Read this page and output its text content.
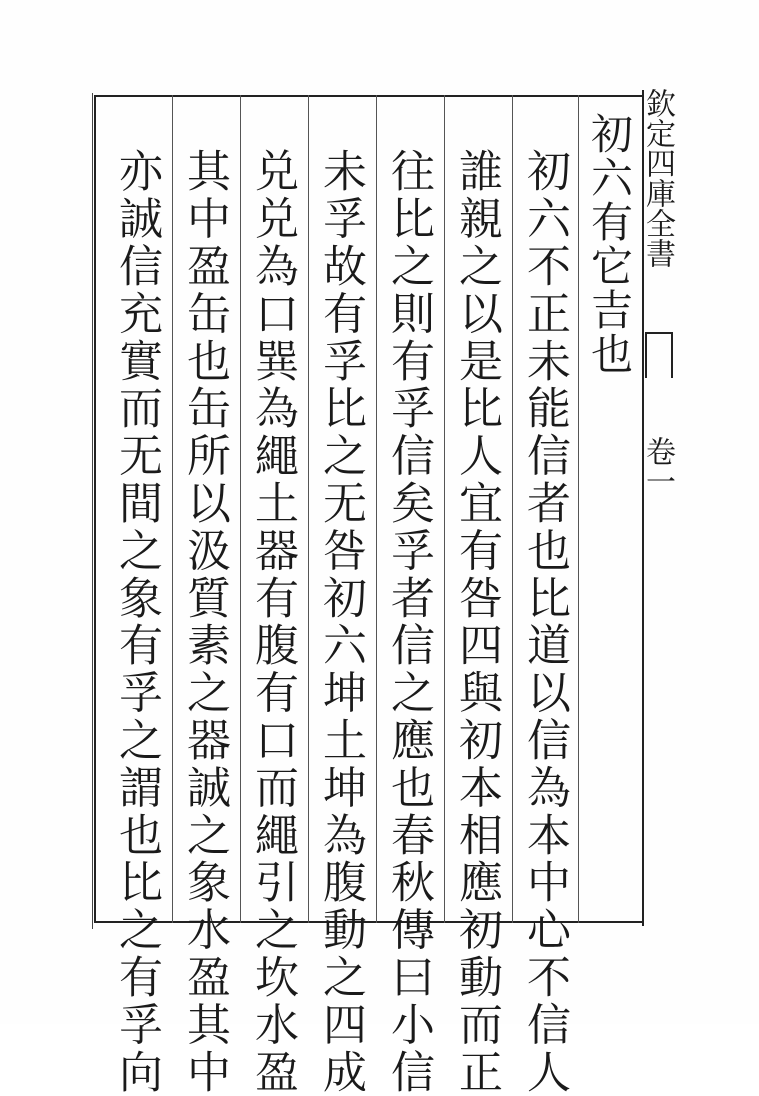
欽定四庫全書
卷一
初六有它吉也
初六不正未能信者也比道以信為本中心不信人
誰親之以是比人宜有咎四與初本相應初動而正
往比之則有孚信矣孚者信之應也春秋傳曰小信
未孚故有孚比之无咎初六坤土坤為腹動之四成
兑兑為口巽為繩土器有腹有口而繩引之坎水盈
其中盈缶也缶所以汲質素之器誠之象水盈其中
亦誠信充實而无間之象有孚之謂也比之有孚向
